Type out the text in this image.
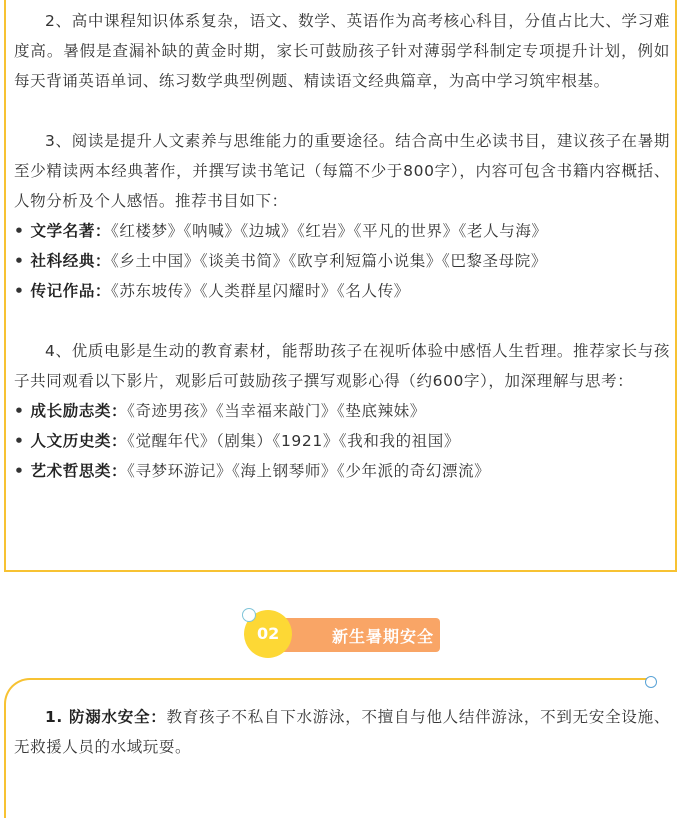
2、高中课程知识体系复杂，语文、数学、英语作为高考核心科目，分值占比大、学习难度高。暑假是查漏补缺的黄金时期，家长可鼓励孩子针对薄弱学科制定专项提升计划，例如每天背诵英语单词、练习数学典型例题、精读语文经典篇章，为高中学习筑牢根基。

3、阅读是提升人文素养与思维能力的重要途径。结合高中生必读书目，建议孩子在暑期至少精读两本经典著作，并撰写读书笔记（每篇不少于800字），内容可包含书籍内容概括、人物分析及个人感悟。推荐书目如下：

• 文学名著：《红楼梦》《呐喊》《边城》《红岩》《平凡的世界》《老人与海》

• 社科经典：《乡土中国》《谈美书简》《欧亨利短篇小说集》《巴黎圣母院》

• 传记作品：《苏东坡传》《人类群星闪耀时》《名人传》

4、优质电影是生动的教育素材，能帮助孩子在视听体验中感悟人生哲理。推荐家长与孩子共同观看以下影片，观影后可鼓励孩子撰写观影心得（约600字），加深理解与思考：

• 成长励志类：《奇迹男孩》《当幸福来敲门》《垫底辣妹》

• 人文历史类：《觉醒年代》（剧集）《1921》《我和我的祖国》

• 艺术哲思类：《寻梦环游记》《海上钢琴师》《少年派的奇幻漂流》

新生暑期安全
02

1. 防溺水安全：教育孩子不私自下水游泳，不擅自与他人结伴游泳，不到无安全设施、无救援人员的水域玩耍。
